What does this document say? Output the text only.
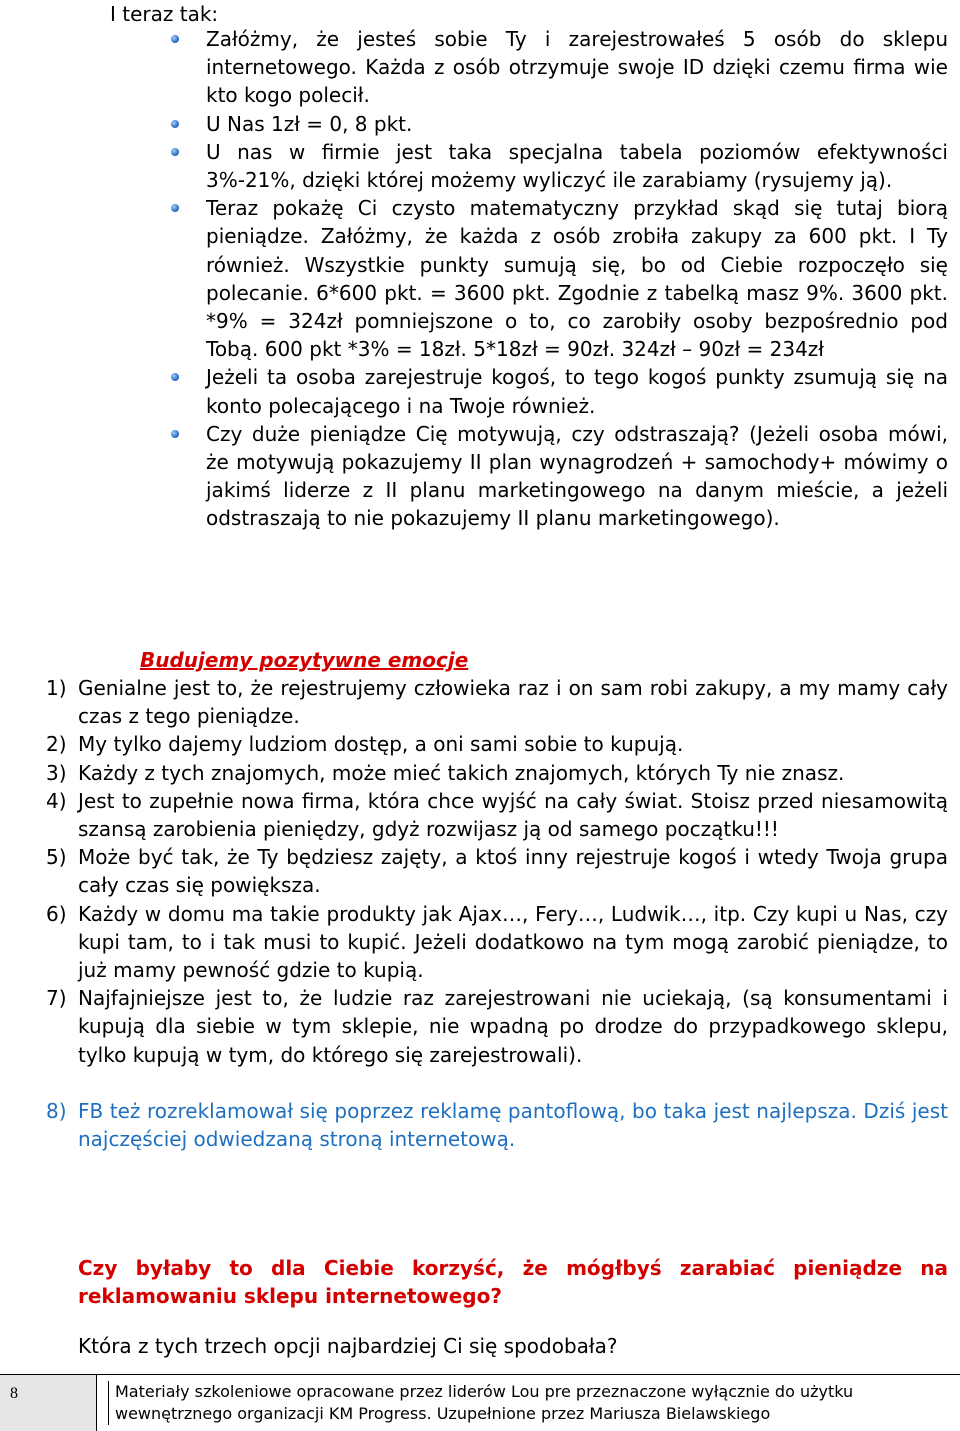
I teraz tak:
Załóżmy, że jesteś sobie Ty i zarejestrowałeś 5 osób do sklepu internetowego. Każda z osób otrzymuje swoje ID dzięki czemu firma wie kto kogo polecił.
U Nas 1zł = 0, 8 pkt.
U nas w firmie jest taka specjalna tabela poziomów efektywności 3%-21%, dzięki której możemy wyliczyć ile zarabiamy (rysujemy ją).
Teraz pokażę Ci czysto matematyczny przykład skąd się tutaj biorą pieniądze. Załóżmy, że każda z osób zrobiła zakupy za 600 pkt. I Ty również. Wszystkie punkty sumują się, bo od Ciebie rozpoczęło się polecanie. 6*600 pkt. = 3600 pkt. Zgodnie z tabelką masz 9%. 3600 pkt. *9% = 324zł pomniejszone o to, co zarobiły osoby bezpośrednio pod Tobą. 600 pkt *3% = 18zł. 5*18zł = 90zł. 324zł – 90zł = 234zł
Jeżeli ta osoba zarejestruje kogoś, to tego kogoś punkty zsumują się na konto polecającego i na Twoje również.
Czy duże pieniądze Cię motywują, czy odstraszają? (Jeżeli osoba mówi, że motywują pokazujemy II plan wynagrodzeń + samochody+ mówimy o jakimś liderze z II planu marketingowego na danym mieście, a jeżeli odstraszają to nie pokazujemy II planu marketingowego).
Budujemy pozytywne emocje
1) Genialne jest to, że rejestrujemy człowieka raz i on sam robi zakupy, a my mamy cały czas z tego pieniądze.
2) My tylko dajemy ludziom dostęp, a oni sami sobie to kupują.
3) Każdy z tych znajomych, może mieć takich znajomych, których Ty nie znasz.
4) Jest to zupełnie nowa firma, która chce wyjść na cały świat. Stoisz przed niesamowitą szansą zarobienia pieniędzy, gdyż rozwijasz ją od samego początku!!!
5) Może być tak, że Ty będziesz zajęty, a ktoś inny rejestruje kogoś i wtedy Twoja grupa cały czas się powiększa.
6) Każdy w domu ma takie produkty jak Ajax…, Fery…, Ludwik…, itp. Czy kupi u Nas, czy kupi tam, to i tak musi to kupić. Jeżeli dodatkowo na tym mogą zarobić pieniądze, to już mamy pewność gdzie to kupią.
7) Najfajniejsze jest to, że ludzie raz zarejestrowani nie uciekają, (są konsumentami i kupują dla siebie w tym sklepie, nie wpadną po drodze do przypadkowego sklepu, tylko kupują w tym, do którego się zarejestrowali).
8) FB też rozreklamował się poprzez reklamę pantoflową, bo taka jest najlepsza. Dziś jest najczęściej odwiedzaną stroną internetową.
Czy byłaby to dla Ciebie korzyść, że mógłbyś zarabiać pieniądze na reklamowaniu sklepu internetowego?
Która z tych trzech opcji najbardziej Ci się spodobała?
8	Materiały szkoleniowe opracowane przez liderów Lou pre przeznaczone wyłącznie do użytku wewnętrznego organizacji KM Progress. Uzupełnione przez Mariusza Bielawskiego
